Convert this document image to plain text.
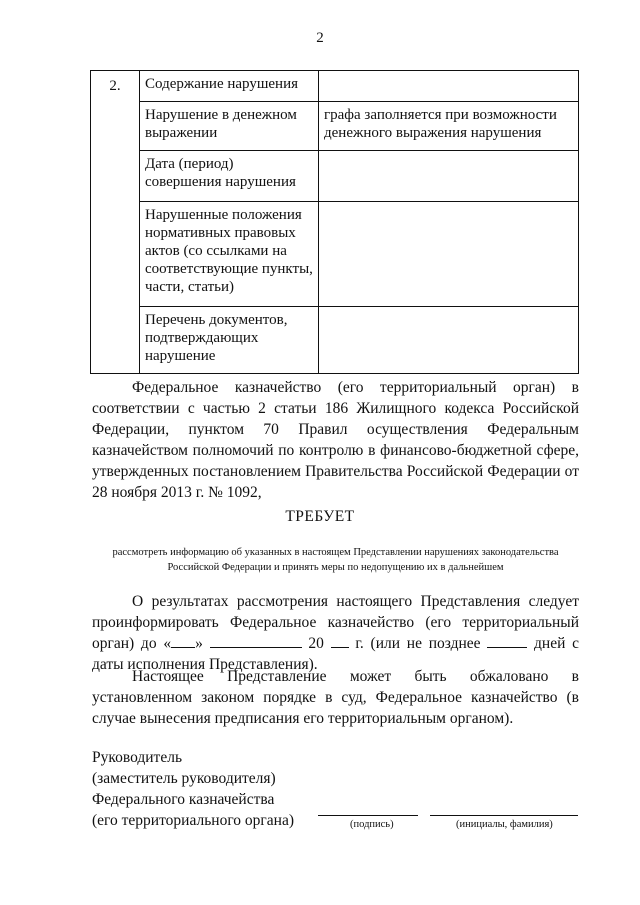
2
2.	Содержание нарушения	
	Нарушение в денежном выражении	графа заполняется при возможности денежного выражения нарушения
	Дата (период) совершения нарушения	
	Нарушенные положения нормативных правовых актов (со ссылками на соответствующие пункты, части, статьи)	
	Перечень документов, подтверждающих нарушение	
Федеральное казначейство (его территориальный орган) в соответствии с частью 2 статьи 186 Жилищного кодекса Российской Федерации, пунктом 70 Правил осуществления Федеральным казначейством полномочий по контролю в финансово-бюджетной сфере, утвержденных постановлением Правительства Российской Федерации от 28 ноября 2013 г. № 1092,
ТРЕБУЕТ
рассмотреть информацию об указанных в настоящем Представлении нарушениях законодательства Российской Федерации и принять меры по недопущению их в дальнейшем
О результатах рассмотрения настоящего Представления следует проинформировать Федеральное казначейство (его территориальный орган) до « »	20 г. (или не позднее	дней с даты исполнения Представления).
Настоящее Представление может быть обжаловано в установленном законом порядке в суд, Федеральное казначейство (в случае вынесения предписания его территориальным органом).
Руководитель
(заместитель руководителя)
Федерального казначейства
(его территориального органа)	(подпись)	(инициалы, фамилия)
